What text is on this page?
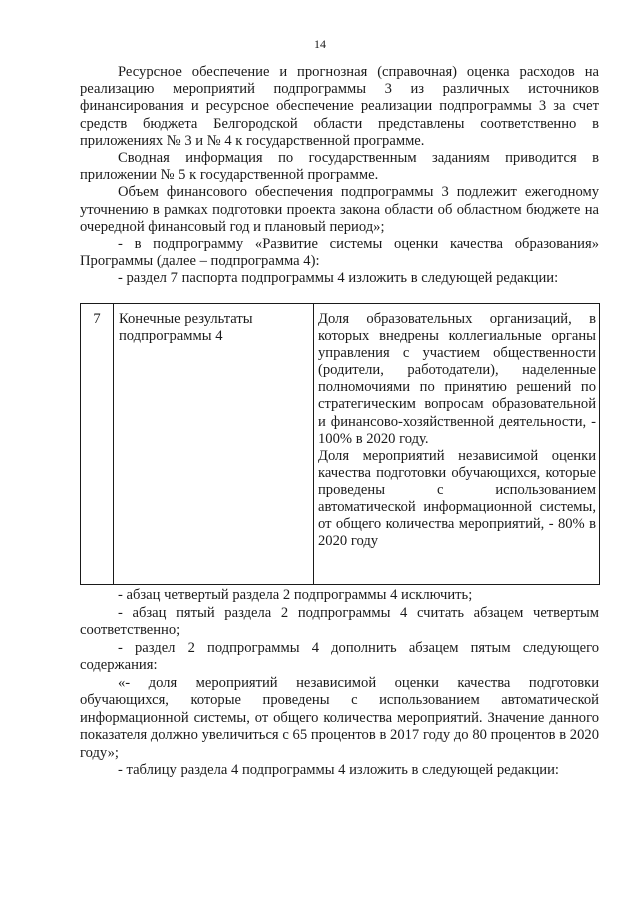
14

Ресурсное обеспечение и прогнозная (справочная) оценка расходов на реализацию мероприятий подпрограммы 3 из различных источников финансирования и ресурсное обеспечение реализации подпрограммы 3 за счет средств бюджета Белгородской области представлены соответственно в приложениях № 3 и № 4 к государственной программе.

Сводная информация по государственным заданиям приводится в приложении № 5 к государственной программе.

Объем финансового обеспечения подпрограммы 3 подлежит ежегодному уточнению в рамках подготовки проекта закона области об областном бюджете на очередной финансовый год и плановый период»;

- в подпрограмму «Развитие системы оценки качества образования» Программы (далее – подпрограмма 4):

- раздел 7 паспорта подпрограммы 4 изложить в следующей редакции:

7	Конечные результаты подпрограммы 4

Доля образовательных организаций, в которых внедрены коллегиальные органы управления с участием общественности (родители, работодатели), наделенные полномочиями по принятию решений по стратегическим вопросам образовательной и финансово-хозяйственной деятельности, - 100% в 2020 году.

Доля мероприятий независимой оценки качества подготовки обучающихся, которые проведены с использованием автоматической информационной системы, от общего количества мероприятий, - 80% в 2020 году

- абзац четвертый раздела 2 подпрограммы 4 исключить;

- абзац пятый раздела 2 подпрограммы 4 считать абзацем четвертым соответственно;

- раздел 2 подпрограммы 4 дополнить абзацем пятым следующего содержания:

«- доля мероприятий независимой оценки качества подготовки обучающихся, которые проведены с использованием автоматической информационной системы, от общего количества мероприятий. Значение данного показателя должно увеличиться с 65 процентов в 2017 году до 80 процентов в 2020 году»;

- таблицу раздела 4 подпрограммы 4 изложить в следующей редакции:
